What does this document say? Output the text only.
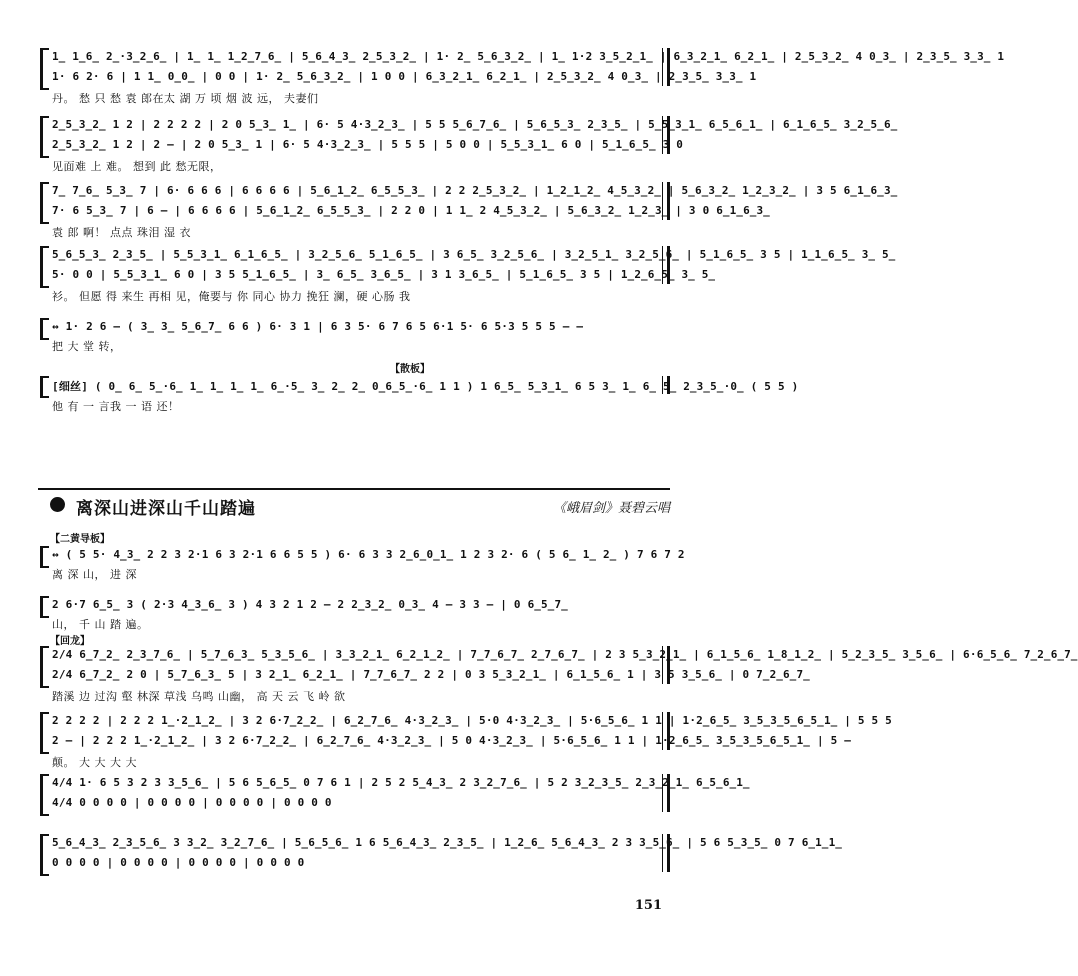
1̲ 1̲6̲ 2̲·3̲2̲6̲ | 1̲ 1̲ 1̲2̲7̲6̲ | 5̲6̲4̲3̲ 2̲5̲3̲2̲ | 1· 2̲ 5̲6̲3̲2̲ | 1̲ 1·2 3̲5̲2̲1̲ | 6̲3̲2̲1̲ 6̲2̲1̲ | 2̲5̲3̲2̲ 4 0̲3̲ | 2̲3̲5̲ 3̲3̲ 1
1· 6 2· 6 | 1 1̲ 0̲0̲ | 0 0 | 1· 2̲ 5̲6̲3̲2̲ | 1 0 0 | 6̲3̲2̲1̲ 6̲2̲1̲ | 2̲5̲3̲2̲ 4 0̲3̲ | 2̲3̲5̲ 3̲3̲ 1
丹。 愁 只 愁 袁 郎在太 湖 万 顷 烟 波 远， 夫妻们
2̲5̲3̲2̲ 1 2 | 2 2 2 2 | 2 0 5̲3̲ 1̲ | 6· 5 4·3̲2̲3̲ | 5 5 5̲6̲7̲6̲ | 5̲6̲5̲3̲ 2̲3̲5̲ | 5̲5̲3̲1̲ 6̲5̲6̲1̲ | 6̲1̲6̲5̲ 3̲2̲5̲6̲
2̲5̲3̲2̲ 1 2 | 2 — | 2 0 5̲3̲ 1 | 6· 5 4·3̲2̲3̲ | 5 5 5 | 5 0 0 | 5̲5̲3̲1̲ 6 0 | 5̲1̲6̲5̲ 3 0
见面难 上 难。 想到 此 愁无限，
7̲ 7̲6̲ 5̲3̲ 7 | 6· 6 6 6 | 6 6 6 6 | 5̲6̲1̲2̲ 6̲5̲5̲3̲ | 2 2 2̲5̲3̲2̲ | 1̲2̲1̲2̲ 4̲5̲3̲2̲ | 5̲6̲3̲2̲ 1̲2̲3̲2̲ | 3 5 6̲1̲6̲3̲
7· 6 5̲3̲ 7 | 6 — | 6 6 6 6 | 5̲6̲1̲2̲ 6̲5̲5̲3̲ | 2 2 0 | 1 1̲ 2 4̲5̲3̲2̲ | 5̲6̲3̲2̲ 1̲2̲3̲ | 3 0 6̲1̲6̲3̲
袁 郎 啊！ 点点 珠泪 湿 衣
5̲6̲5̲3̲ 2̲3̲5̲ | 5̲5̲3̲1̲ 6̲1̲6̲5̲ | 3̲2̲5̲6̲ 5̲1̲6̲5̲ | 3 6̲5̲ 3̲2̲5̲6̲ | 3̲2̲5̲1̲ 3̲2̲5̲6̲ | 5̲1̲6̲5̲ 3 5 | 1̲1̲6̲5̲ 3̲ 5̲
5· 0 0 | 5̲5̲3̲1̲ 6 0 | 3 5 5̲1̲6̲5̲ | 3̲ 6̲5̲ 3̲6̲5̲ | 3 1 3̲6̲5̲ | 5̲1̲6̲5̲ 3 5 | 1̲2̲6̲5̲ 3̲ 5̲
衫。 但愿 得 来生 再相 见，俺要与 你 同心 协力 挽狂 澜，硬 心肠 我
↔ 1· 2 6 — ( 3̲ 3̲ 5̲6̲7̲ 6 6 ) 6· 3 1 | 6 3 5· 6 7 6 5 6·1 5· 6 5·3 5 5 5 — —
把 大 堂 转，
【散板】
[细丝] ( 0̲ 6̲ 5̲·6̲ 1̲ 1̲ 1̲ 1̲ 6̲·5̲ 3̲ 2̲ 2̲ 0̲6̲5̲·6̲ 1 1 ) 1 6̲5̲ 5̲3̲1̲ 6 5 3̲ 1̲ 6̲ 5̲ 2̲3̲5̲·0̲ ( 5 5 )
他 有 一 言我 一 语 还！
离深山进深山千山踏遍	《峨眉剑》聂碧云唱
【二黄导板】
↔ ( 5 5· 4̲3̲ 2 2 3 2·1 6 3 2·1 6 6 5 5 ) 6· 6 3 3 2̲6̲0̲1̲ 1 2 3 2· 6 ( 5 6̲ 1̲ 2̲ ) 7 6 7 2
离 深 山， 进 深
2 6·7 6̲5̲ 3 ( 2·3 4̲3̲6̲ 3 ) 4 3 2 1 2 — 2 2̲3̲2̲ 0̲3̲ 4 — 3 3 — | 0 6̲5̲7̲
山， 千 山 踏 遍。
【回龙】
2/4 6̲7̲2̲ 2̲3̲7̲6̲ | 5̲7̲6̲3̲ 5̲3̲5̲6̲ | 3̲3̲2̲1̲ 6̲2̲1̲2̲ | 7̲7̲6̲7̲ 2̲7̲6̲7̲ | 2 3 5̲3̲2̲1̲ | 6̲1̲5̲6̲ 1̲8̲1̲2̲ | 5̲2̲3̲5̲ 3̲5̲6̲ | 6·6̲5̲6̲ 7̲2̲6̲7̲
2/4 6̲7̲2̲ 2 0 | 5̲7̲6̲3̲ 5 | 3 2̲1̲ 6̲2̲1̲ | 7̲7̲6̲7̲ 2 2 | 0 3 5̲3̲2̲1̲ | 6̲1̲5̲6̲ 1 | 3 5 3̲5̲6̲ | 0 7̲2̲6̲7̲
踏溪 边 过沟 壑 林深 草浅 乌鸣 山幽， 高 天 云 飞 岭 欲
2 2 2 2 | 2 2 2 1̲·2̲1̲2̲ | 3 2 6·7̲2̲2̲ | 6̲2̲7̲6̲ 4·3̲2̲3̲ | 5·0 4·3̲2̲3̲ | 5·6̲5̲6̲ 1 1 | 1·2̲6̲5̲ 3̲5̲3̲5̲6̲5̲1̲ | 5 5 5
2 — | 2 2 2 1̲·2̲1̲2̲ | 3 2 6·7̲2̲2̲ | 6̲2̲7̲6̲ 4·3̲2̲3̲ | 5 0 4·3̲2̲3̲ | 5·6̲5̲6̲ 1 1 | 1·2̲6̲5̲ 3̲5̲3̲5̲6̲5̲1̲ | 5 —
颠。 大 大 大 大
4/4 1· 6 5 3 2 3 3̲5̲6̲ | 5 6 5̲6̲5̲ 0 7 6 1 | 2 5 2 5̲4̲3̲ 2 3̲2̲7̲6̲ | 5 2 3̲2̲3̲5̲ 2̲3̲2̲1̲ 6̲5̲6̲1̲
4/4 0 0 0 0 | 0 0 0 0 | 0 0 0 0 | 0 0 0 0
5̲6̲4̲3̲ 2̲3̲5̲6̲ 3 3̲2̲ 3̲2̲7̲6̲ | 5̲6̲5̲6̲ 1 6 5̲6̲4̲3̲ 2̲3̲5̲ | 1̲2̲6̲ 5̲6̲4̲3̲ 2 3 3̲5̲6̲ | 5 6 5̲3̲5̲ 0 7 6̲1̲1̲
0 0 0 0 | 0 0 0 0 | 0 0 0 0 | 0 0 0 0
151
